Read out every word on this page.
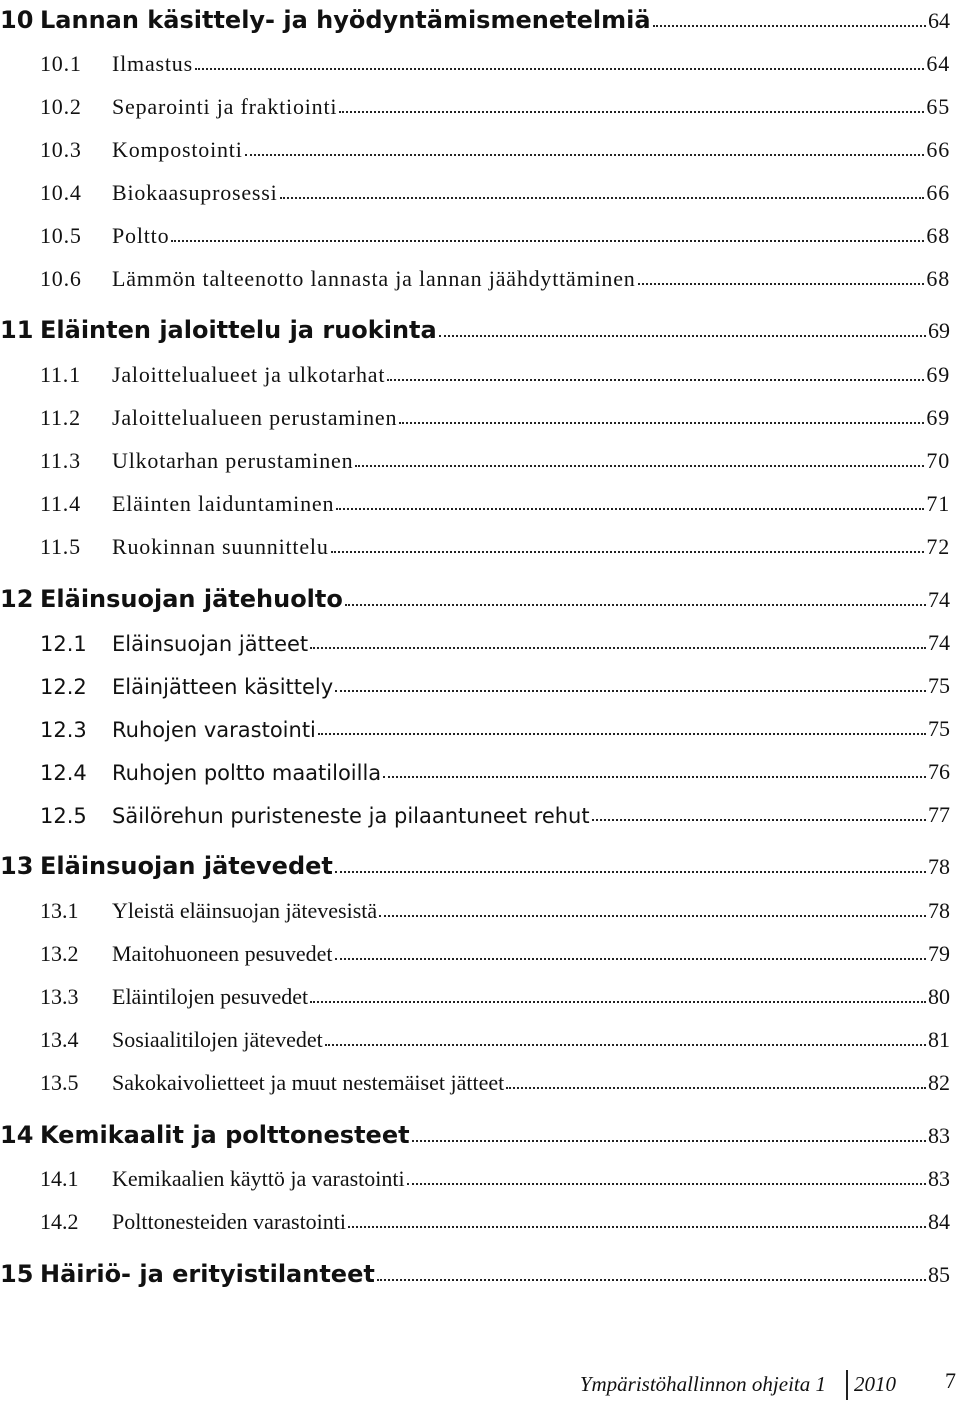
10 Lannan käsittely- ja hyödyntämismenetelmiä	64
10.1	Ilmastus	64
10.2	Separointi ja fraktiointi	65
10.3	Kompostointi	66
10.4	Biokaasuprosessi	66
10.5	Poltto	68
10.6	Lämmön talteenotto lannasta ja lannan jäähdyttäminen	68
11 Eläinten jaloittelu ja ruokinta	69
11.1	Jaloittelualueet ja ulkotarhat	69
11.2	Jaloittelualueen perustaminen	69
11.3	Ulkotarhan perustaminen	70
11.4	Eläinten laiduntaminen	71
11.5	Ruokinnan suunnittelu	72
12 Eläinsuojan jätehuolto	74
12.1	Eläinsuojan jätteet	74
12.2	Eläinjätteen käsittely	75
12.3	Ruhojen varastointi	75
12.4	Ruhojen poltto maatiloilla	76
12.5	Säilörehun puristeneste ja pilaantuneet rehut	77
13 Eläinsuojan jätevedet	78
13.1	Yleistä eläinsuojan jätevesistä	78
13.2	Maitohuoneen pesuvedet	79
13.3	Eläintilojen pesuvedet	80
13.4	Sosiaalitilojen jätevedet	81
13.5	Sakokaivolietteet ja muut nestemäiset jätteet	82
14 Kemikaalit ja polttonesteet	83
14.1	Kemikaalien käyttö ja varastointi	83
14.2	Polttonesteiden varastointi	84
15 Häiriö- ja erityistilanteet	85
Ympäristöhallinnon ohjeita 1 2010 7
